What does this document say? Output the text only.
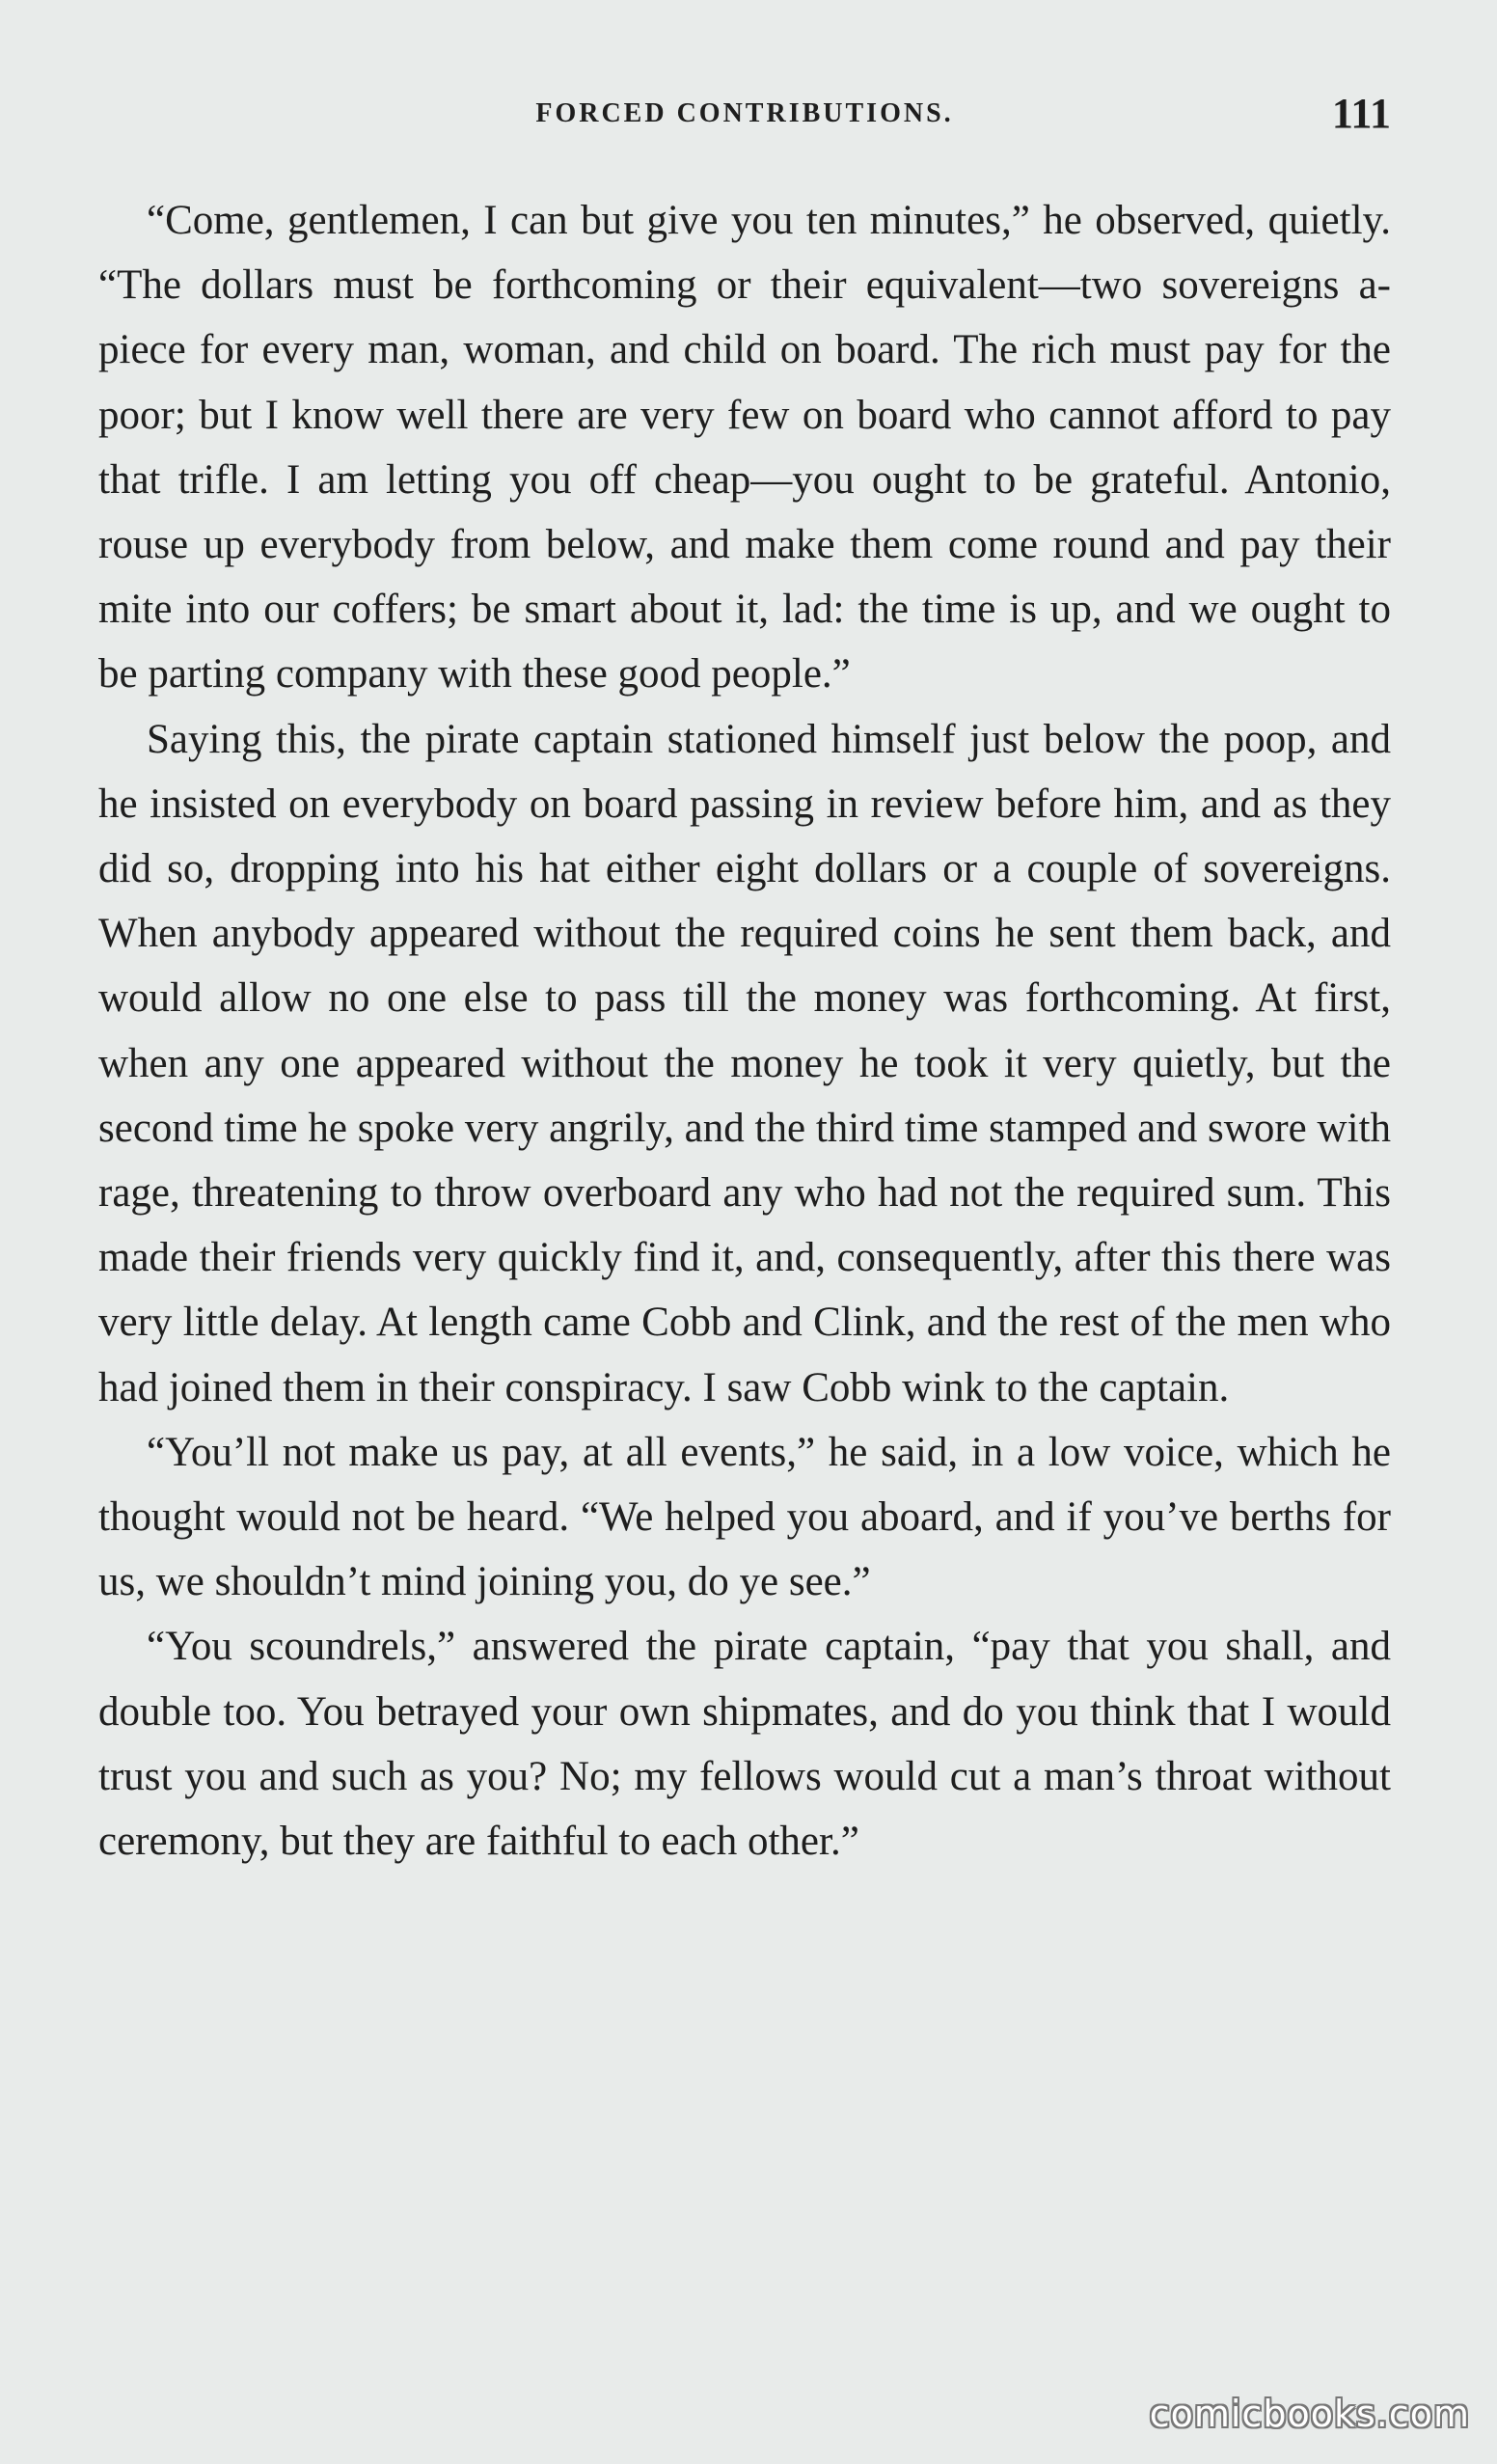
FORCED CONTRIBUTIONS.	111

“Come, gentlemen, I can but give you ten minutes,” he observed, quietly. “The dollars must be forthcoming or their equivalent—two sovereigns a-piece for every man, woman, and child on board. The rich must pay for the poor; but I know well there are very few on board who cannot afford to pay that trifle. I am letting you off cheap—you ought to be grateful. Antonio, rouse up everybody from below, and make them come round and pay their mite into our coffers; be smart about it, lad: the time is up, and we ought to be parting company with these good people.”

Saying this, the pirate captain stationed himself just below the poop, and he insisted on everybody on board passing in review before him, and as they did so, dropping into his hat either eight dollars or a couple of sovereigns. When anybody appeared without the required coins he sent them back, and would allow no one else to pass till the money was forthcoming. At first, when any one appeared without the money he took it very quietly, but the second time he spoke very angrily, and the third time stamped and swore with rage, threatening to throw overboard any who had not the required sum. This made their friends very quickly find it, and, consequently, after this there was very little delay. At length came Cobb and Clink, and the rest of the men who had joined them in their conspiracy. I saw Cobb wink to the captain.

“You’ll not make us pay, at all events,” he said, in a low voice, which he thought would not be heard. “We helped you aboard, and if you’ve berths for us, we shouldn’t mind joining you, do ye see.”

“You scoundrels,” answered the pirate captain, “pay that you shall, and double too. You betrayed your own shipmates, and do you think that I would trust you and such as you? No; my fellows would cut a man’s throat without ceremony, but they are faithful to each other.”

comicbooks.com
